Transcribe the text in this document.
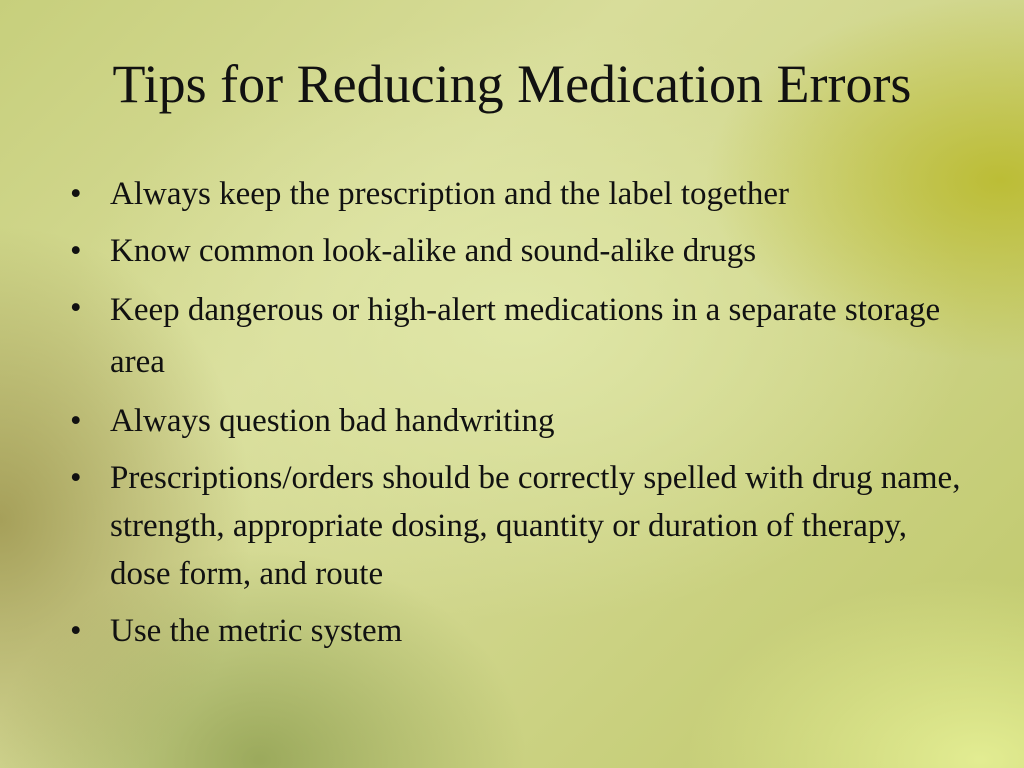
Tips for Reducing Medication Errors
• Always keep the prescription and the label together
• Know common look-alike and sound-alike drugs
• Keep dangerous or high-alert medications in a separate storage area
• Always question bad handwriting
• Prescriptions/orders should be correctly spelled with drug name, strength, appropriate dosing, quantity or duration of therapy, dose form, and route
• Use the metric system
